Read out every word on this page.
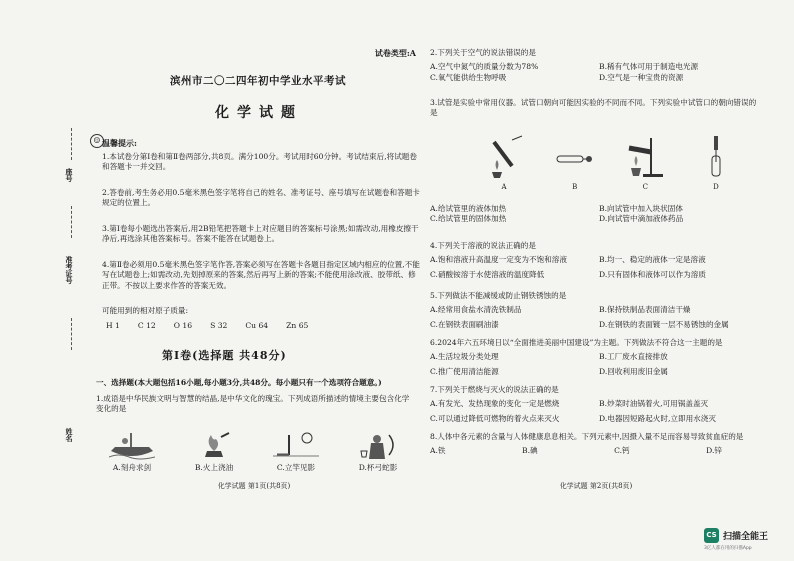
座号
准考证号
姓名
试卷类型:A
滨州市二〇二四年初中学业水平考试
化学试题
☺ 温馨提示:
1.本试卷分第Ⅰ卷和第Ⅱ卷两部分,共8页。满分100分。考试用时60分钟。考试结束后,将试题卷和答题卡一并交回。
2.答卷前,考生务必用0.5毫米黑色签字笔将自己的姓名、准考证号、座号填写在试题卷和答题卡规定的位置上。
3.第Ⅰ卷每小题选出答案后,用2B铅笔把答题卡上对应题目的答案标号涂黑;如需改动,用橡皮擦干净后,再选涂其他答案标号。答案不能答在试题卷上。
4.第Ⅱ卷必须用0.5毫米黑色签字笔作答,答案必须写在答题卡各题目指定区域内相应的位置,不能写在试题卷上;如需改动,先划掉原来的答案,然后再写上新的答案;不能使用涂改液、胶带纸、修正带。不按以上要求作答的答案无效。
可能用到的相对原子质量:
H 1 C 12 O 16 S 32 Cu 64 Zn 65
第Ⅰ卷(选择题 共48分)
一、选择题(本大题包括16小题,每小题3分,共48分。每小题只有一个选项符合题意。)
1.成语是中华民族文明与智慧的结晶,是中华文化的瑰宝。下列成语所描述的情境主要包含化学变化的是
A.刻舟求剑	B.火上浇油	C.立竿见影	D.杯弓蛇影
化学试题 第1页(共8页)
2.下列关于空气的说法错误的是
A.空气中氮气的质量分数为78%	B.稀有气体可用于制造电光源
C.氧气能供给生物呼吸	D.空气是一种宝贵的资源
3.试管是实验中常用仪器。试管口朝向可能因实验的不同而不同。下列实验中试管口的朝向错误的是
A	B	C	D
A.给试管里的液体加热	B.向试管中加入块状固体
C.给试管里的固体加热	D.向试管中滴加液体药品
4.下列关于溶液的说法正确的是
A.饱和溶液升高温度一定变为不饱和溶液	B.均一、稳定的液体一定是溶液
C.硝酸铵溶于水使溶液的温度降低	D.只有固体和液体可以作为溶质
5.下列做法不能减缓或防止钢铁锈蚀的是
A.经常用食盐水清洗铁制品	B.保持铁制品表面清洁干燥
C.在钢铁表面刷油漆	D.在钢铁的表面镀一层不易锈蚀的金属
6.2024年六五环境日以“全面推进美丽中国建设”为主题。下列做法不符合这一主题的是
A.生活垃圾分类处理	B.工厂废水直接排放
C.推广使用清洁能源	D.回收利用废旧金属
7.下列关于燃烧与灭火的说法正确的是
A.有发光、发热现象的变化一定是燃烧	B.炒菜时油锅着火,可用锅盖盖灭
C.可以通过降低可燃物的着火点来灭火	D.电器因短路起火时,立即用水浇灭
8.人体中各元素的含量与人体健康息息相关。下列元素中,因摄入量不足而容易导致贫血症的是
A.铁	B.碘	C.钙	D.锌
化学试题 第2页(共8页)
CS 扫描全能王
3亿人都在用的扫描App
